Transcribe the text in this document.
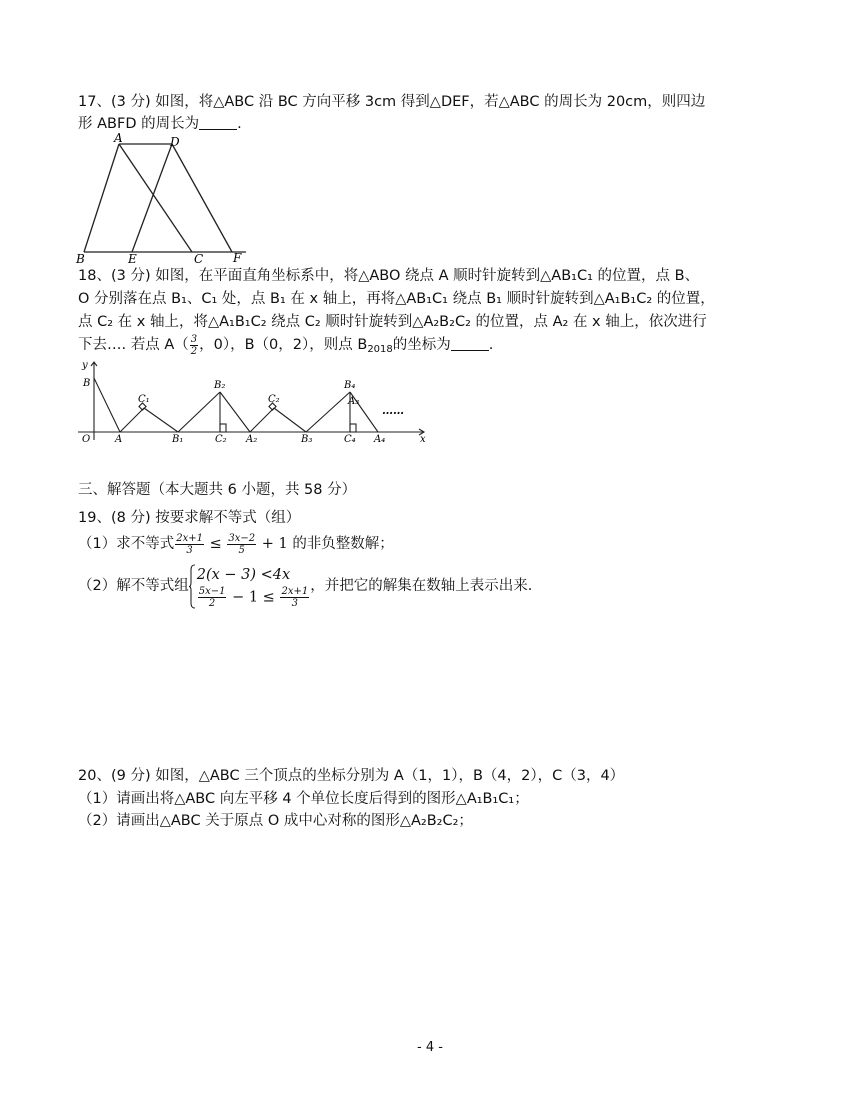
17、(3 分) 如图，将△ABC 沿 BC 方向平移 3cm 得到△DEF，若△ABC 的周长为 20cm，则四边
形 ABFD 的周长为	.
A	D
B	E	C F
18、(3 分) 如图，在平面直角坐标系中，将△ABO 绕点 A 顺时针旋转到△AB₁C₁ 的位置，点 B、
O 分别落在点 B₁、C₁ 处，点 B₁ 在 x 轴上，再将△AB₁C₁ 绕点 B₁ 顺时针旋转到△A₁B₁C₂ 的位置，
点 C₂ 在 x 轴上，将△A₁B₁C₂ 绕点 C₂ 顺时针旋转到△A₂B₂C₂ 的位置，点 A₂ 在 x 轴上，依次进行
下去…. 若点 $A( \frac{3}{2}$ ，0），B（0，2），则点 $B_{2018}$的坐标为	.
y
x
O
B
A
C₁
B₁
B₂
C₂ A₂
C₂
B₃
B₄
A₃
C₄ A₄
……
三、解答题（本大题共 6 小题，共 58 分）
19、(8 分) 按要求解不等式（组）
（1）求不等式 $\frac{2x+1}{3} \le \frac{3x-2}{5} + 1$ 的非负整数解；
（2）解不等式组
2(x − 3) <4x
$\frac{5x-1}{2} - 1 \le \frac{2x+1}{3}$ ，并把它的解集在数轴上表示出来.
20、(9 分) 如图，△ABC 三个顶点的坐标分别为 A（1，1），B（4，2），C（3，4）
（1）请画出将△ABC 向左平移 4 个单位长度后得到的图形△A₁B₁C₁；
（2）请画出△ABC 关于原点 O 成中心对称的图形△A₂B₂C₂；
- 4 -
